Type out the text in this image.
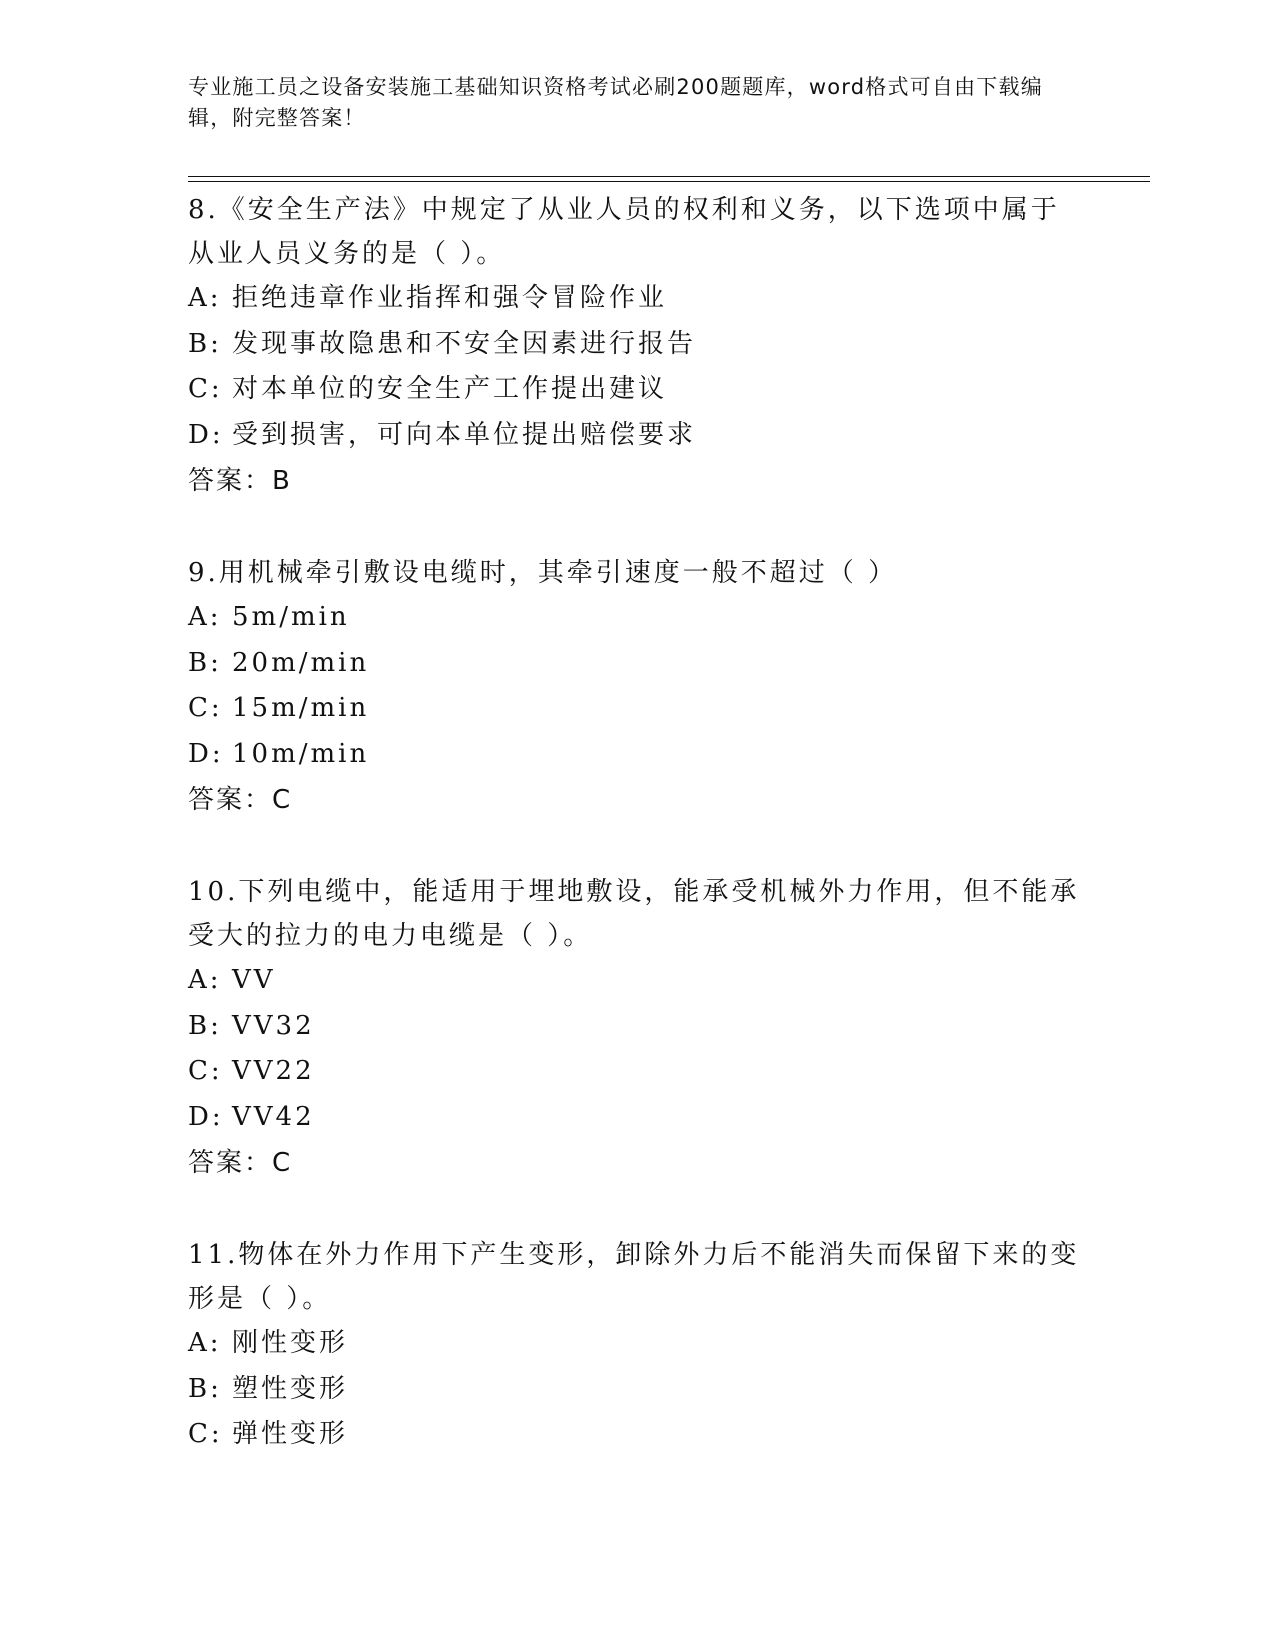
专业施工员之设备安装施工基础知识资格考试必刷200题题库，word格式可自由下载编辑，附完整答案！

8.《安全生产法》中规定了从业人员的权利和义务，以下选项中属于从业人员义务的是（ ）。

A: 拒绝违章作业指挥和强令冒险作业

B: 发现事故隐患和不安全因素进行报告

C: 对本单位的安全生产工作提出建议

D: 受到损害，可向本单位提出赔偿要求

答案：B

9.用机械牵引敷设电缆时，其牵引速度一般不超过（ ）

A: 5m/min

B: 20m/min

C: 15m/min

D: 10m/min

答案：C

10.下列电缆中，能适用于埋地敷设，能承受机械外力作用，但不能承受大的拉力的电力电缆是（ ）。

A: VV

B: VV32

C: VV22

D: VV42

答案：C

11.物体在外力作用下产生变形，卸除外力后不能消失而保留下来的变形是（ ）。

A: 刚性变形

B: 塑性变形

C: 弹性变形
